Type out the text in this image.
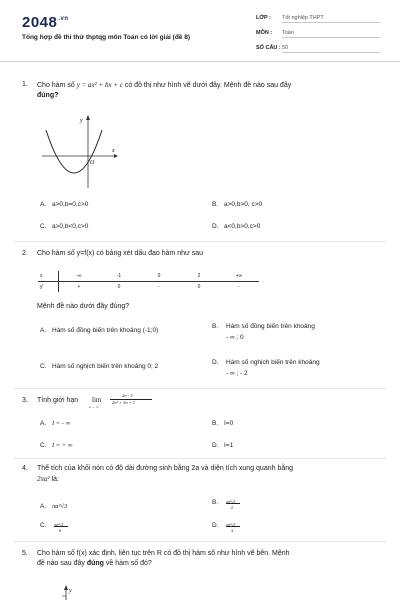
$2048^{.vn}$
Tổng hợp đề thi thử thptqg môn Toán có lời giải (đề 8)
LỚP : Tốt nghiệp THPT
MÔN : Toán
SỐ CÂU :50
1. Cho hàm số y = ax² + bx + c có đồ thị như hình vẽ dưới đây. Mệnh đề nào sau đây
đúng?
y
x
O
A. a>0,b=0,c>0	B. a>0,b>0, c>0
C. a>0,b<0,c>0	D. a<0,b>0,c>0
2. Cho hàm số y=f(x) có bảng xét dấu đạo hàm như sau
x	-∞	-1	0	2	+∞
y'	+	0	-	0	-
Mệnh đề nào dưới đây đúng?
A. Hàm số đồng biến trên khoảng (-1;0)
B. Hàm số đồng biến trên khoảng
- ∞ ; 0
C. Hàm số nghịch biến trên khoảng 0; 2
D. Hàm số nghịch biến trên khoảng
- ∞ ; - 2
3. Tính giới hạn	lim
n → ∞
2n - 3
2n² + 3n + 1
A. I = - ∞	B. I=0
C. I = + ∞	D. I=1
4. Thể tích của khối nón có độ dài đường sinh bằng 2a và diện tích xung quanh bằng
2πa² là:
A. πa³√3
B. πa³√3
2
C. πa³√3
6
D. πa³√3
3
5. Cho hàm số f(x) xác định, liên tục trên R có đồ thị hàm số như hình vẽ bên. Mệnh
đề nào sau đây đúng về hàm số đó?
y
